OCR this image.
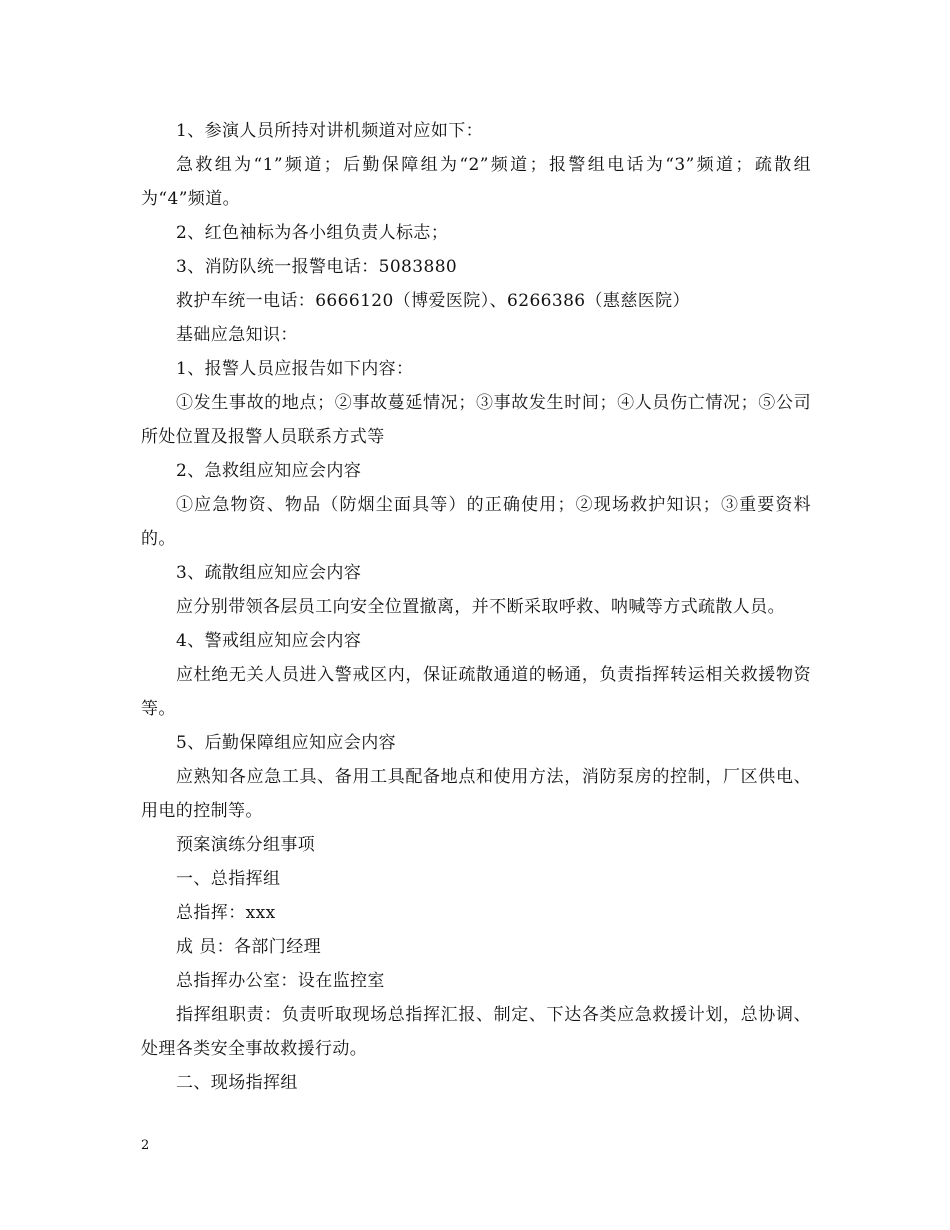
1、参演人员所持对讲机频道对应如下：

急救组为“1”频道；后勤保障组为“2”频道；报警组电话为“3”频道；疏散组为“4”频道。

2、红色袖标为各小组负责人标志；

3、消防队统一报警电话：5083880

救护车统一电话：6666120（博爱医院）、6266386（惠慈医院）

基础应急知识：

1、报警人员应报告如下内容：

①发生事故的地点；②事故蔓延情况；③事故发生时间；④人员伤亡情况；⑤公司所处位置及报警人员联系方式等

2、急救组应知应会内容

①应急物资、物品（防烟尘面具等）的正确使用；②现场救护知识；③重要资料的。

3、疏散组应知应会内容

应分别带领各层员工向安全位置撤离，并不断采取呼救、呐喊等方式疏散人员。

4、警戒组应知应会内容

应杜绝无关人员进入警戒区内，保证疏散通道的畅通，负责指挥转运相关救援物资等。

5、后勤保障组应知应会内容

应熟知各应急工具、备用工具配备地点和使用方法，消防泵房的控制，厂区供电、用电的控制等。

预案演练分组事项

一、总指挥组

总指挥：xxx

成 员：各部门经理

总指挥办公室：设在监控室

指挥组职责：负责听取现场总指挥汇报、制定、下达各类应急救援计划，总协调、处理各类安全事故救援行动。

二、现场指挥组

2
